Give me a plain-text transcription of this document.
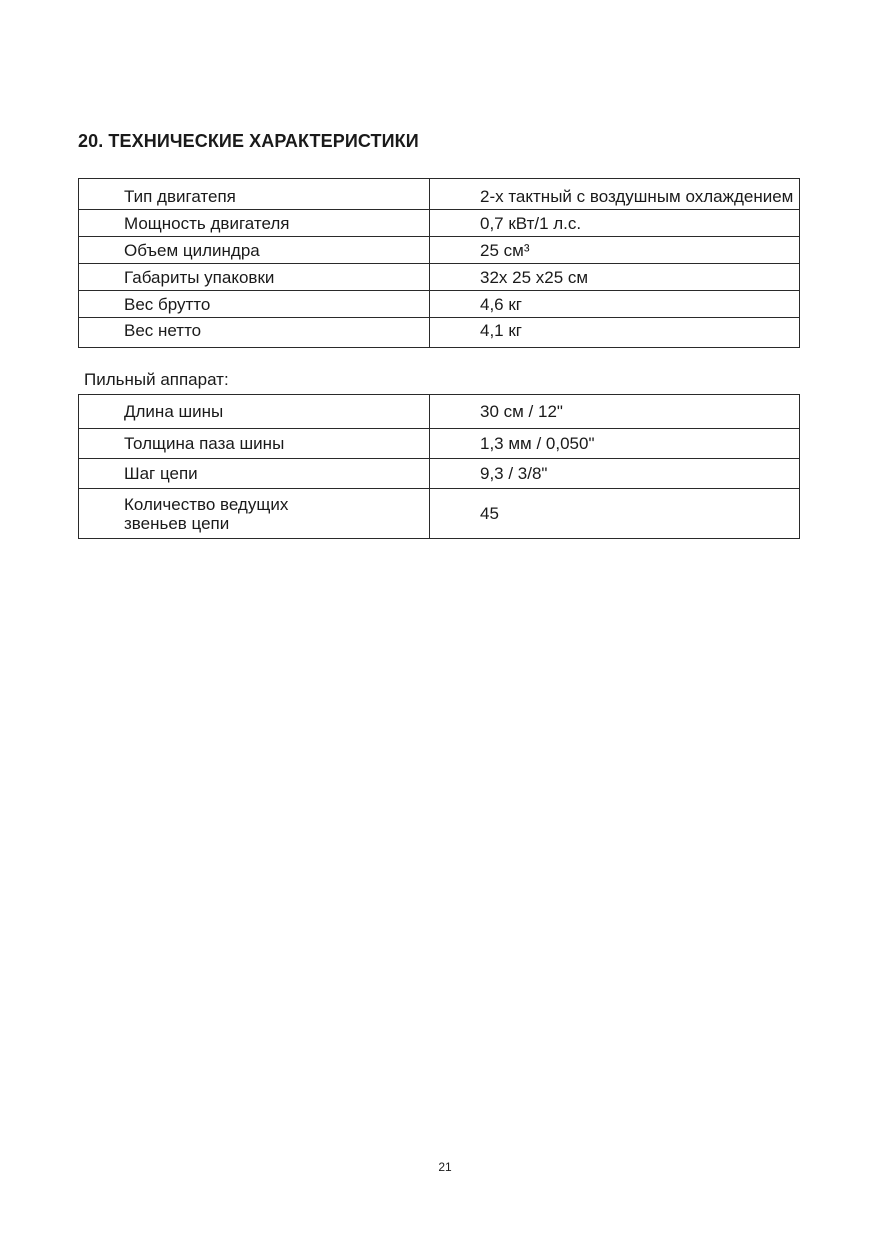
20. ТЕХНИЧЕСКИЕ ХАРАКТЕРИСТИКИ
Тип двигатепя	2-х тактный с воздушным охлаждением
Мощность двигателя	0,7 кВт/1 л.с.
Объем цилиндра	25 см³
Габариты упаковки	32х 25 х25 см
Вес брутто	4,6 кг
Вес нетто	4,1 кг

Пильный аппарат:

Длина шины	30 см / 12"
Толщина паза шины	1,3 мм / 0,050"
Шаг цепи	9,3 / 3/8"
Количество ведущих
звеньев цепи	45
21
